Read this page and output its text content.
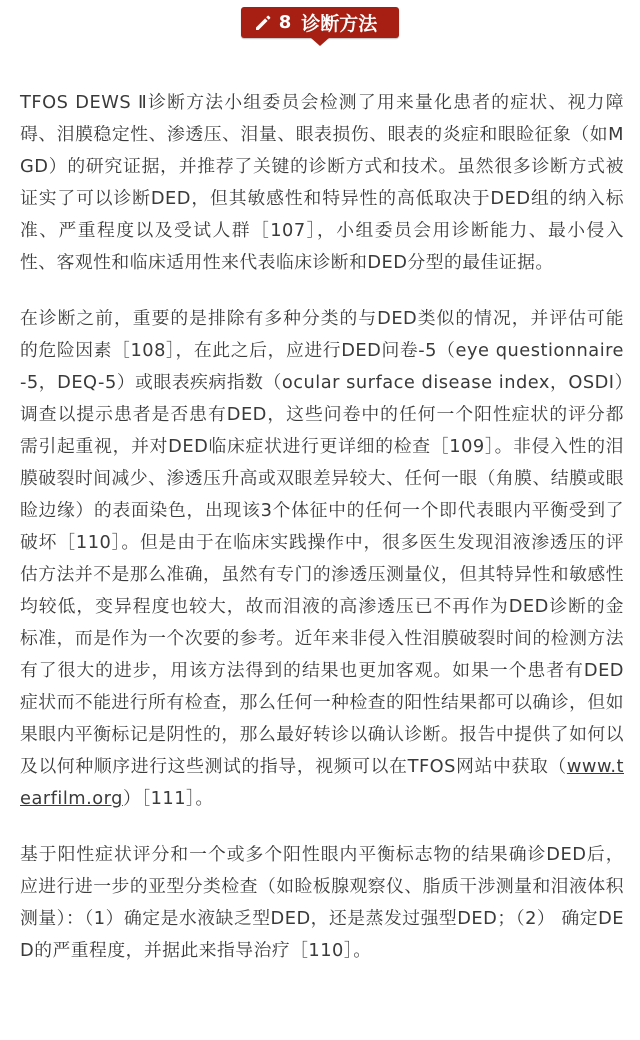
8 诊断方法

TFOS DEWS Ⅱ诊断方法小组委员会检测了用来量化患者的症状、视力障碍、泪膜稳定性、渗透压、泪量、眼表损伤、眼表的炎症和眼睑征象（如MGD）的研究证据，并推荐了关键的诊断方式和技术。虽然很多诊断方式被证实了可以诊断DED，但其敏感性和特异性的高低取决于DED组的纳入标准、严重程度以及受试人群［107］，小组委员会用诊断能力、最小侵入性、客观性和临床适用性来代表临床诊断和DED分型的最佳证据。

在诊断之前，重要的是排除有多种分类的与DED类似的情况，并评估可能的危险因素［108］，在此之后，应进行DED问卷-5（eye questionnaire-5，DEQ-5）或眼表疾病指数（ocular surface disease index，OSDI）调查以提示患者是否患有DED，这些问卷中的任何一个阳性症状的评分都需引起重视，并对DED临床症状进行更详细的检查［109］。非侵入性的泪膜破裂时间减少、渗透压升高或双眼差异较大、任何一眼（角膜、结膜或眼睑边缘）的表面染色，出现该3个体征中的任何一个即代表眼内平衡受到了破坏［110］。但是由于在临床实践操作中，很多医生发现泪液渗透压的评估方法并不是那么准确，虽然有专门的渗透压测量仪，但其特异性和敏感性均较低，变异程度也较大，故而泪液的高渗透压已不再作为DED诊断的金标准，而是作为一个次要的参考。近年来非侵入性泪膜破裂时间的检测方法有了很大的进步，用该方法得到的结果也更加客观。如果一个患者有DED症状而不能进行所有检查，那么任何一种检查的阳性结果都可以确诊，但如果眼内平衡标记是阴性的，那么最好转诊以确认诊断。报告中提供了如何以及以何种顺序进行这些测试的指导，视频可以在TFOS网站中获取（www.tearfilm.org）［111］。

基于阳性症状评分和一个或多个阳性眼内平衡标志物的结果确诊DED后，应进行进一步的亚型分类检查（如睑板腺观察仪、脂质干涉测量和泪液体积测量）：（1）确定是水液缺乏型DED，还是蒸发过强型DED；（2） 确定DED的严重程度，并据此来指导治疗［110］。
